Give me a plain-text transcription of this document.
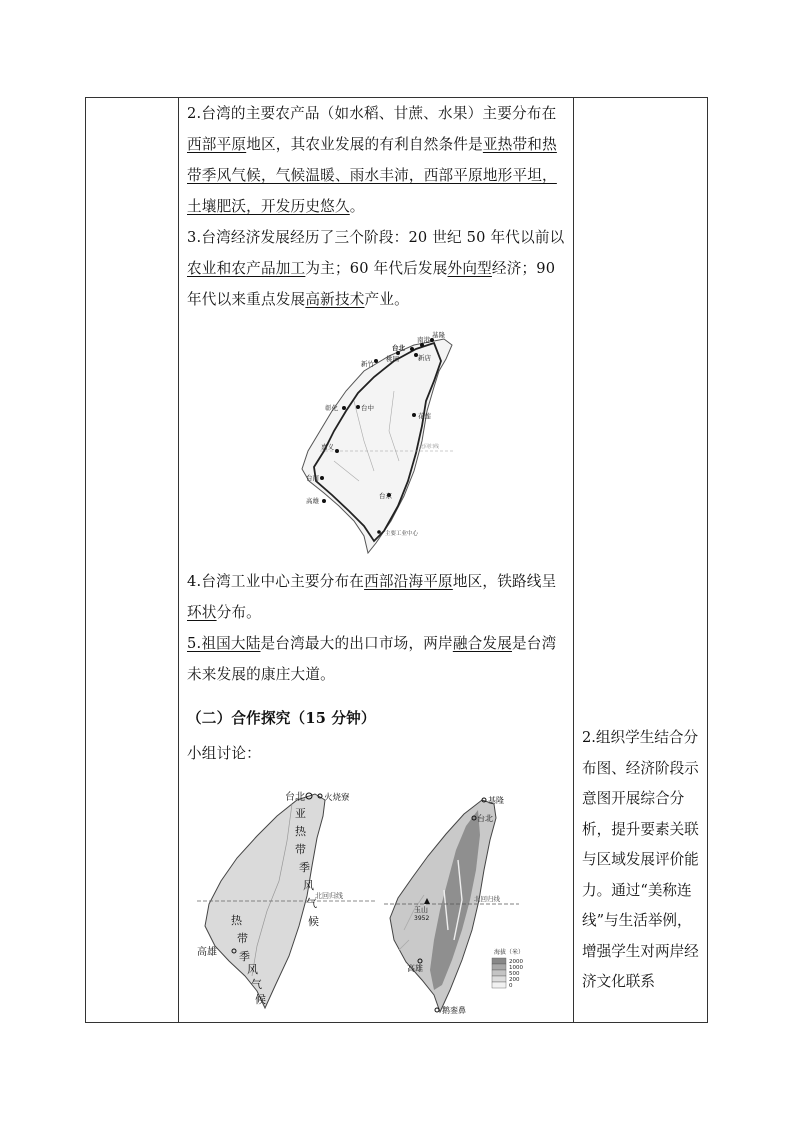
2.台湾的主要农产品（如水稻、甘蔗、水果）主要分布在西部平原地区，其农业发展的有利自然条件是亚热带和热带季风气候，气候温暖、雨水丰沛，西部平原地形平坦，土壤肥沃，开发历史悠久。

3.台湾经济发展经历了三个阶段：20 世纪 50 年代以前以农业和农产品加工为主；60 年代后发展外向型经济；90 年代以来重点发展高新技术产业。

基隆
南港
台北
新店
桃园
新竹
彰化	台中
花莲
嘉义
台南
高雄
台东
北回归线
主要工业中心

4.台湾工业中心主要分布在西部沿海平原地区，铁路线呈环状分布。

5.祖国大陆是台湾最大的出口市场，两岸融合发展是台湾未来发展的康庄大道。

（二）合作探究（15 分钟）

小组讨论：

台北 火烧寮
高雄
亚
热
带
季
风
气
候
热
带
季
风
气
候
北回归线
基隆
台北
高雄
鹅銮鼻
玉山
3952
北回归线
海拔（米）
2000
1000
500
200
0

2.组织学生结合分布图、经济阶段示意图开展综合分析，提升要素关联与区域发展评价能力。通过“美称连线”与生活举例，增强学生对两岸经济文化联系
